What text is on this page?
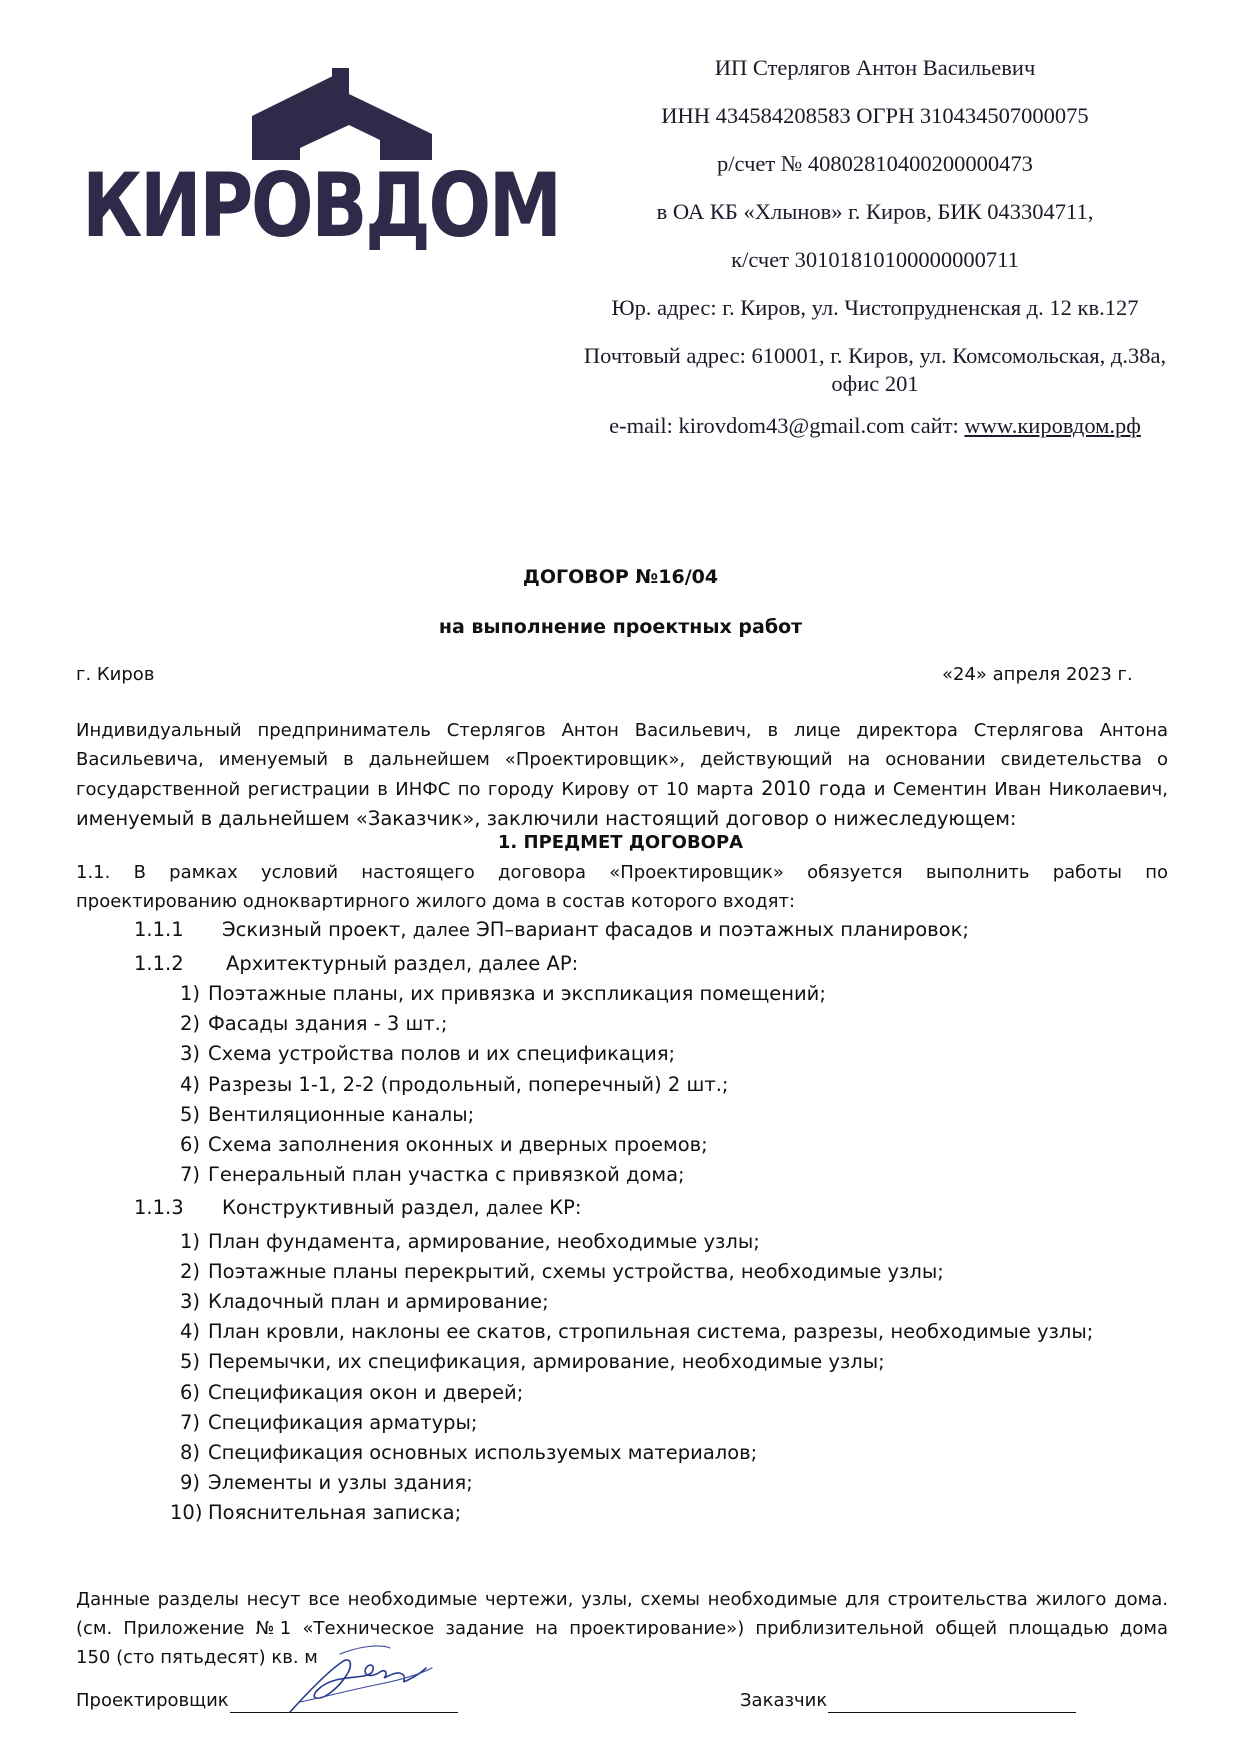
КИРОВДОМ
ИП Стерлягов Антон Васильевич
ИНН 434584208583 ОГРН 310434507000075
р/счет № 40802810400200000473
в ОА КБ «Хлынов» г. Киров, БИК 043304711,
к/счет 30101810100000000711
Юр. адрес: г. Киров, ул. Чистопрудненская д. 12 кв.127
Почтовый адрес: 610001, г. Киров, ул. Комсомольская, д.38а, офис 201
e-mail: kirovdom43@gmail.com сайт: www.кировдом.рф
ДОГОВОР №16/04
на выполнение проектных работ
г. Киров	«24» апреля 2023 г.
Индивидуальный предприниматель Стерлягов Антон Васильевич, в лице директора Стерлягова Антона
Васильевича, именуемый в дальнейшем «Проектировщик», действующий на основании свидетельства о
государственной регистрации в ИНФС по городу Кирову от 10 марта 2010 года и Сементин Иван Николаевич,
именуемый в дальнейшем «Заказчик», заключили настоящий договор о нижеследующем:
1. ПРЕДМЕТ ДОГОВОРА
1.1. В рамках условий настоящего договора «Проектировщик» обязуется выполнить работы по
проектированию одноквартирного жилого дома в состав которого входят:
1.1.1 Эскизный проект, далее ЭП–вариант фасадов и поэтажных планировок;
1.1.2 Архитектурный раздел, далее АР:
1) Поэтажные планы, их привязка и экспликация помещений;
2) Фасады здания - 3 шт.;
3) Схема устройства полов и их спецификация;
4) Разрезы 1-1, 2-2 (продольный, поперечный) 2 шт.;
5) Вентиляционные каналы;
6) Схема заполнения оконных и дверных проемов;
7) Генеральный план участка с привязкой дома;
1.1.3 Конструктивный раздел, далее КР:
1) План фундамента, армирование, необходимые узлы;
2) Поэтажные планы перекрытий, схемы устройства, необходимые узлы;
3) Кладочный план и армирование;
4) План кровли, наклоны ее скатов, стропильная система, разрезы, необходимые узлы;
5) Перемычки, их спецификация, армирование, необходимые узлы;
6) Спецификация окон и дверей;
7) Спецификация арматуры;
8) Спецификация основных используемых материалов;
9) Элементы и узлы здания;
10) Пояснительная записка;
Данные разделы несут все необходимые чертежи, узлы, схемы необходимые для строительства жилого дома.
(см. Приложение №1 «Техническое задание на проектирование») приблизительной общей площадью дома
150 (сто пятьдесят) кв. м
Проектировщик	Заказчик
